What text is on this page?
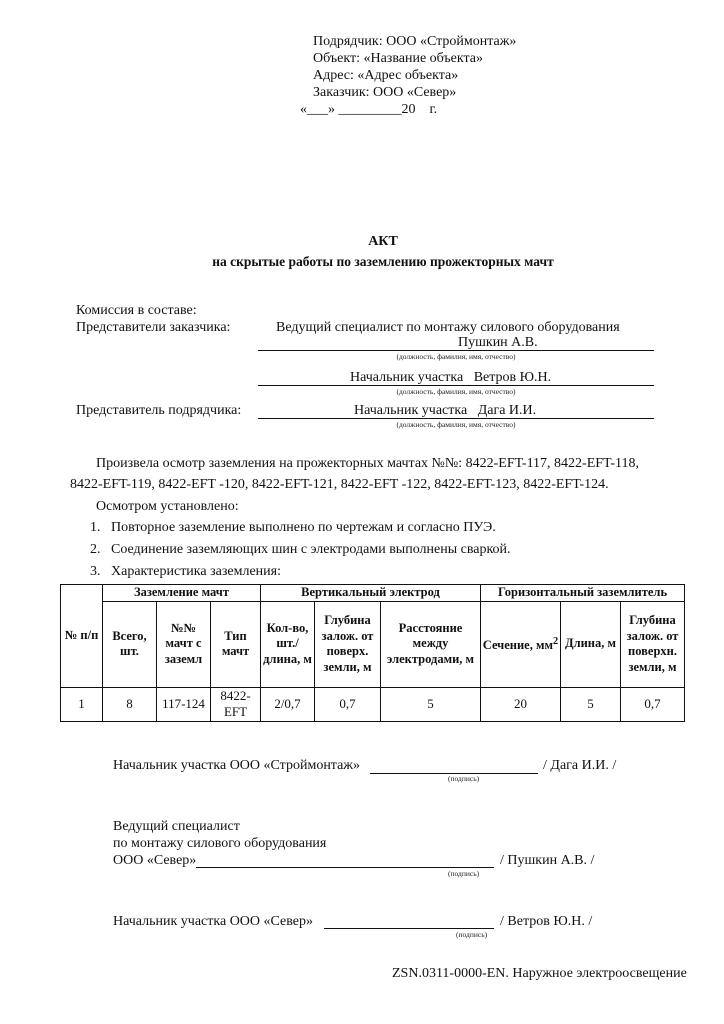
Подрядчик: ООО «Строймонтаж»
Объект: «Название объекта»
Адрес: «Адрес объекта»
Заказчик: ООО «Север»
«___» _________20    г.
АКТ
на скрытые работы по заземлению прожекторных мачт
Комиссия в составе:
Представители заказчика:	Ведущий специалист по монтажу силового оборудования
Пушкин А.В.
(должность, фамилия, имя, отчество)
Начальник участка   Ветров Ю.Н.
(должность, фамилия, имя, отчество)
Представитель подрядчика:	Начальник участка   Дага И.И.
(должность, фамилия, имя, отчество)
Произвела осмотр заземления на прожекторных мачтах №№: 8422-EFT-117, 8422-EFT-118,
8422-EFT-119, 8422-EFT -120, 8422-EFT-121, 8422-EFT -122, 8422-EFT-123, 8422-EFT-124.
Осмотром установлено:
1.   Повторное заземление выполнено по чертежам и согласно ПУЭ.
2.   Соединение заземляющих шин с электродами выполнены сваркой.
3.   Характеристика заземления:
№ п/п	Заземление мачт			Вертикальный электрод			Горизонтальный заземлитель		
	Всего, шт.	№№ мачт с заземл	Тип мачт	Кол-во, шт./ длина, м	Глубина залож. от поверх. земли, м	Расстояние между электродами, м	Сечение, $мм^2$	Длина, м	Глубина залож. от поверхн. земли, м
1	8	117-124	8422-EFT	2/0,7	0,7	5	20	5	0,7
Начальник участка ООО «Строймонтаж»	/ Дага И.И. /
(подпись)
Ведущий специалист
по монтажу силового оборудования
ООО «Север»	/ Пушкин А.В. /
(подпись)
Начальник участка ООО «Север»	/ Ветров Ю.Н. /
(подпись)
ZSN.0311-0000-EN. Наружное электроосвещение
